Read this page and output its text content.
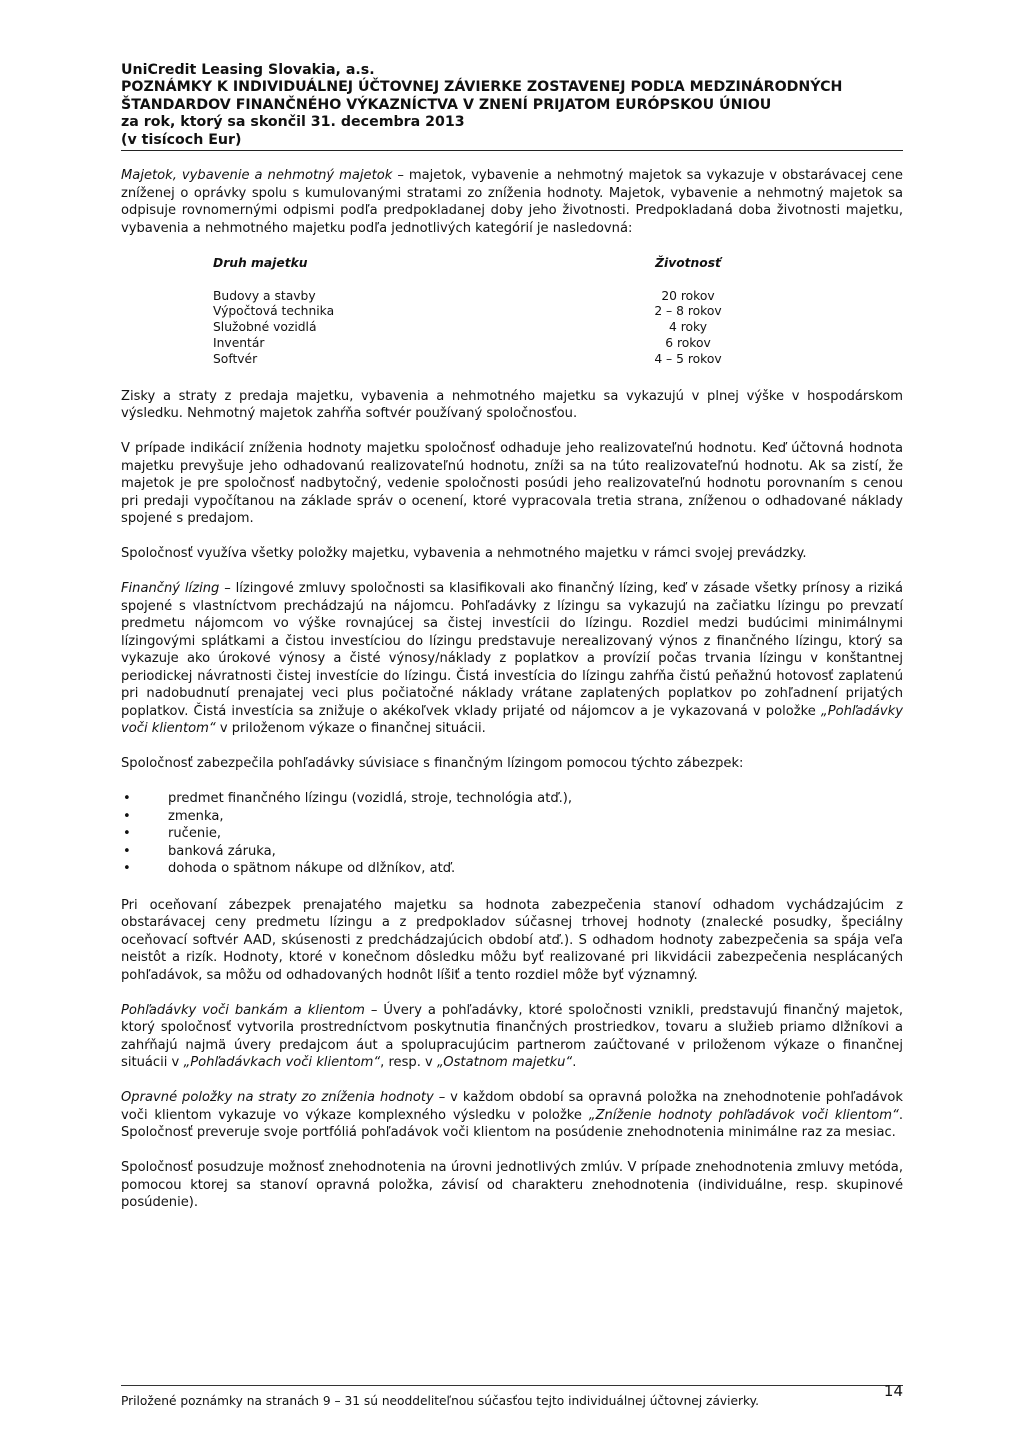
UniCredit Leasing Slovakia, a.s.
POZNÁMKY K INDIVIDUÁLNEJ ÚČTOVNEJ ZÁVIERKE ZOSTAVENEJ PODĽA MEDZINÁRODNÝCH
ŠTANDARDOV FINANČNÉHO VÝKAZNÍCTVA V ZNENÍ PRIJATOM EURÓPSKOU ÚNIOU
za rok, ktorý sa skončil 31. decembra 2013
(v tisícoch Eur)

Majetok, vybavenie a nehmotný majetok – majetok, vybavenie a nehmotný majetok sa vykazuje v obstarávacej cene zníženej o oprávky spolu s kumulovanými stratami zo zníženia hodnoty. Majetok, vybavenie a nehmotný majetok sa odpisuje rovnomernými odpismi podľa predpokladanej doby jeho životnosti. Predpokladaná doba životnosti majetku, vybavenia a nehmotného majetku podľa jednotlivých kategórií je nasledovná:

Druh majetku	Životnosť
Budovy a stavby	20 rokov
Výpočtová technika	2 – 8 rokov
Služobné vozidlá	4 roky
Inventár	6 rokov
Softvér	4 – 5 rokov

Zisky a straty z predaja majetku, vybavenia a nehmotného majetku sa vykazujú v plnej výške v hospodárskom výsledku. Nehmotný majetok zahŕňa softvér používaný spoločnosťou.

V prípade indikácií zníženia hodnoty majetku spoločnosť odhaduje jeho realizovateľnú hodnotu. Keď účtovná hodnota majetku prevyšuje jeho odhadovanú realizovateľnú hodnotu, zníži sa na túto realizovateľnú hodnotu. Ak sa zistí, že majetok je pre spoločnosť nadbytočný, vedenie spoločnosti posúdi jeho realizovateľnú hodnotu porovnaním s cenou pri predaji vypočítanou na základe správ o ocenení, ktoré vypracovala tretia strana, zníženou o odhadované náklady spojené s predajom.

Spoločnosť využíva všetky položky majetku, vybavenia a nehmotného majetku v rámci svojej prevádzky.

Finančný lízing – lízingové zmluvy spoločnosti sa klasifikovali ako finančný lízing, keď v zásade všetky prínosy a riziká spojené s vlastníctvom prechádzajú na nájomcu. Pohľadávky z lízingu sa vykazujú na začiatku lízingu po prevzatí predmetu nájomcom vo výške rovnajúcej sa čistej investícii do lízingu. Rozdiel medzi budúcimi minimálnymi lízingovými splátkami a čistou investíciou do lízingu predstavuje nerealizovaný výnos z finančného lízingu, ktorý sa vykazuje ako úrokové výnosy a čisté výnosy/náklady z poplatkov a provízií počas trvania lízingu v konštantnej periodickej návratnosti čistej investície do lízingu. Čistá investícia do lízingu zahŕňa čistú peňažnú hotovosť zaplatenú pri nadobudnutí prenajatej veci plus počiatočné náklady vrátane zaplatených poplatkov po zohľadnení prijatých poplatkov. Čistá investícia sa znižuje o akékoľvek vklady prijaté od nájomcov a je vykazovaná v položke „Pohľadávky voči klientom“ v priloženom výkaze o finančnej situácii.

Spoločnosť zabezpečila pohľadávky súvisiace s finančným lízingom pomocou týchto zábezpek:

•	predmet finančného lízingu (vozidlá, stroje, technológia atď.),
•	zmenka,
•	ručenie,
•	banková záruka,
•	dohoda o spätnom nákupe od dlžníkov, atď.

Pri oceňovaní zábezpek prenajatého majetku sa hodnota zabezpečenia stanoví odhadom vychádzajúcim z obstarávacej ceny predmetu lízingu a z predpokladov súčasnej trhovej hodnoty (znalecké posudky, špeciálny oceňovací softvér AAD, skúsenosti z predchádzajúcich období atď.). S odhadom hodnoty zabezpečenia sa spája veľa neistôt a rizík. Hodnoty, ktoré v konečnom dôsledku môžu byť realizované pri likvidácii zabezpečenia nesplácaných pohľadávok, sa môžu od odhadovaných hodnôt líšiť a tento rozdiel môže byť významný.

Pohľadávky voči bankám a klientom – Úvery a pohľadávky, ktoré spoločnosti vznikli, predstavujú finančný majetok, ktorý spoločnosť vytvorila prostredníctvom poskytnutia finančných prostriedkov, tovaru a služieb priamo dlžníkovi a zahŕňajú najmä úvery predajcom áut a spolupracujúcim partnerom zaúčtované v priloženom výkaze o finančnej situácii v „Pohľadávkach voči klientom“, resp. v „Ostatnom majetku“.

Opravné položky na straty zo zníženia hodnoty – v každom období sa opravná položka na znehodnotenie pohľadávok voči klientom vykazuje vo výkaze komplexného výsledku v položke „Zníženie hodnoty pohľadávok voči klientom“. Spoločnosť preveruje svoje portfóliá pohľadávok voči klientom na posúdenie znehodnotenia minimálne raz za mesiac.

Spoločnosť posudzuje možnosť znehodnotenia na úrovni jednotlivých zmlúv. V prípade znehodnotenia zmluvy metóda, pomocou ktorej sa stanoví opravná položka, závisí od charakteru znehodnotenia (individuálne, resp. skupinové posúdenie).

Priložené poznámky na stranách 9 – 31 sú neoddeliteľnou súčasťou tejto individuálnej účtovnej závierky.
14
